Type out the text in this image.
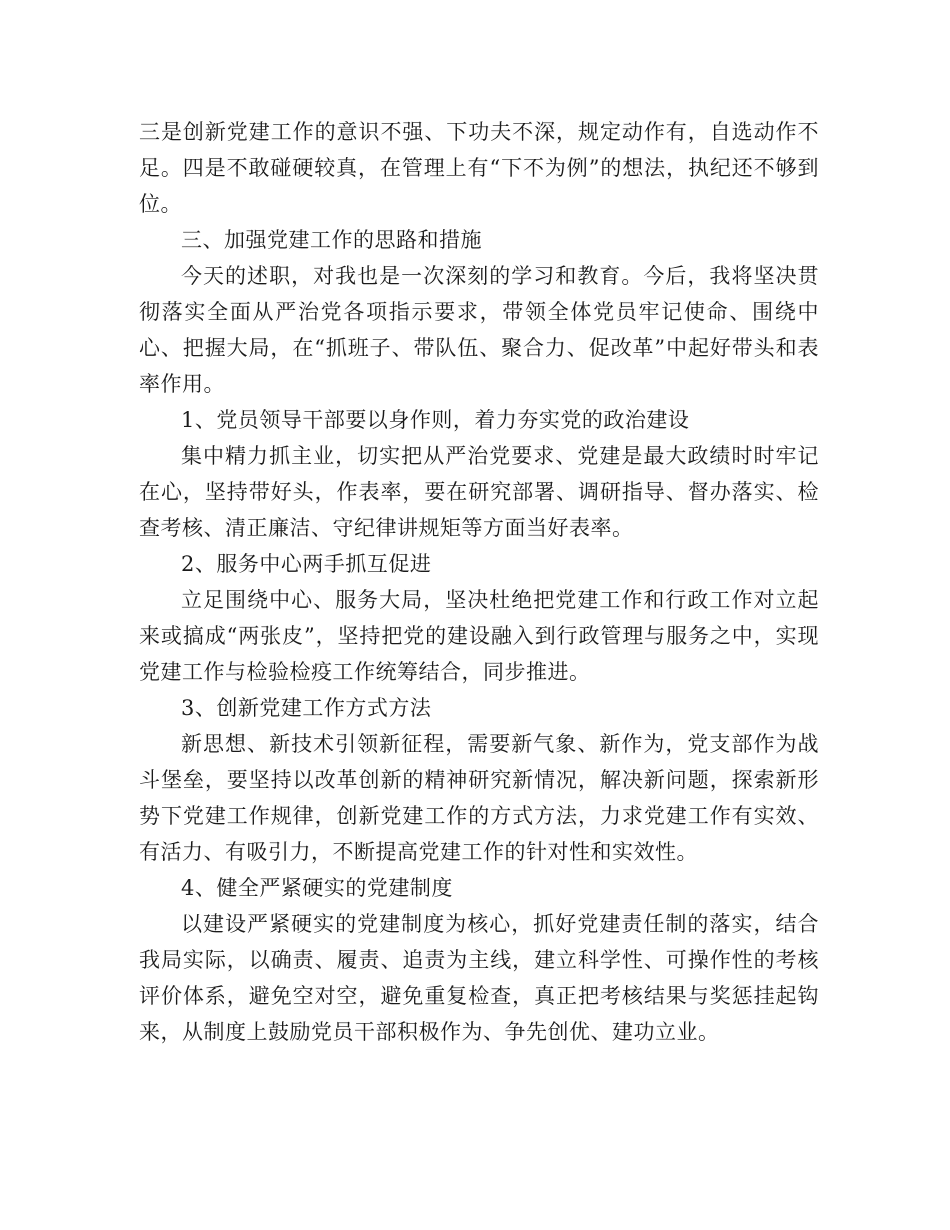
三是创新党建工作的意识不强、下功夫不深，规定动作有，自选动作不足。四是不敢碰硬较真，在管理上有“下不为例”的想法，执纪还不够到位。

三、加强党建工作的思路和措施

今天的述职，对我也是一次深刻的学习和教育。今后，我将坚决贯彻落实全面从严治党各项指示要求，带领全体党员牢记使命、围绕中心、把握大局，在“抓班子、带队伍、聚合力、促改革”中起好带头和表率作用。

1、党员领导干部要以身作则，着力夯实党的政治建设

集中精力抓主业，切实把从严治党要求、党建是最大政绩时时牢记在心，坚持带好头，作表率，要在研究部署、调研指导、督办落实、检查考核、清正廉洁、守纪律讲规矩等方面当好表率。

2、服务中心两手抓互促进

立足围绕中心、服务大局，坚决杜绝把党建工作和行政工作对立起来或搞成“两张皮”，坚持把党的建设融入到行政管理与服务之中，实现党建工作与检验检疫工作统筹结合，同步推进。

3、创新党建工作方式方法

新思想、新技术引领新征程，需要新气象、新作为，党支部作为战斗堡垒，要坚持以改革创新的精神研究新情况，解决新问题，探索新形势下党建工作规律，创新党建工作的方式方法，力求党建工作有实效、有活力、有吸引力，不断提高党建工作的针对性和实效性。

4、健全严紧硬实的党建制度

以建设严紧硬实的党建制度为核心，抓好党建责任制的落实，结合我局实际，以确责、履责、追责为主线，建立科学性、可操作性的考核评价体系，避免空对空，避免重复检查，真正把考核结果与奖惩挂起钩来，从制度上鼓励党员干部积极作为、争先创优、建功立业。
